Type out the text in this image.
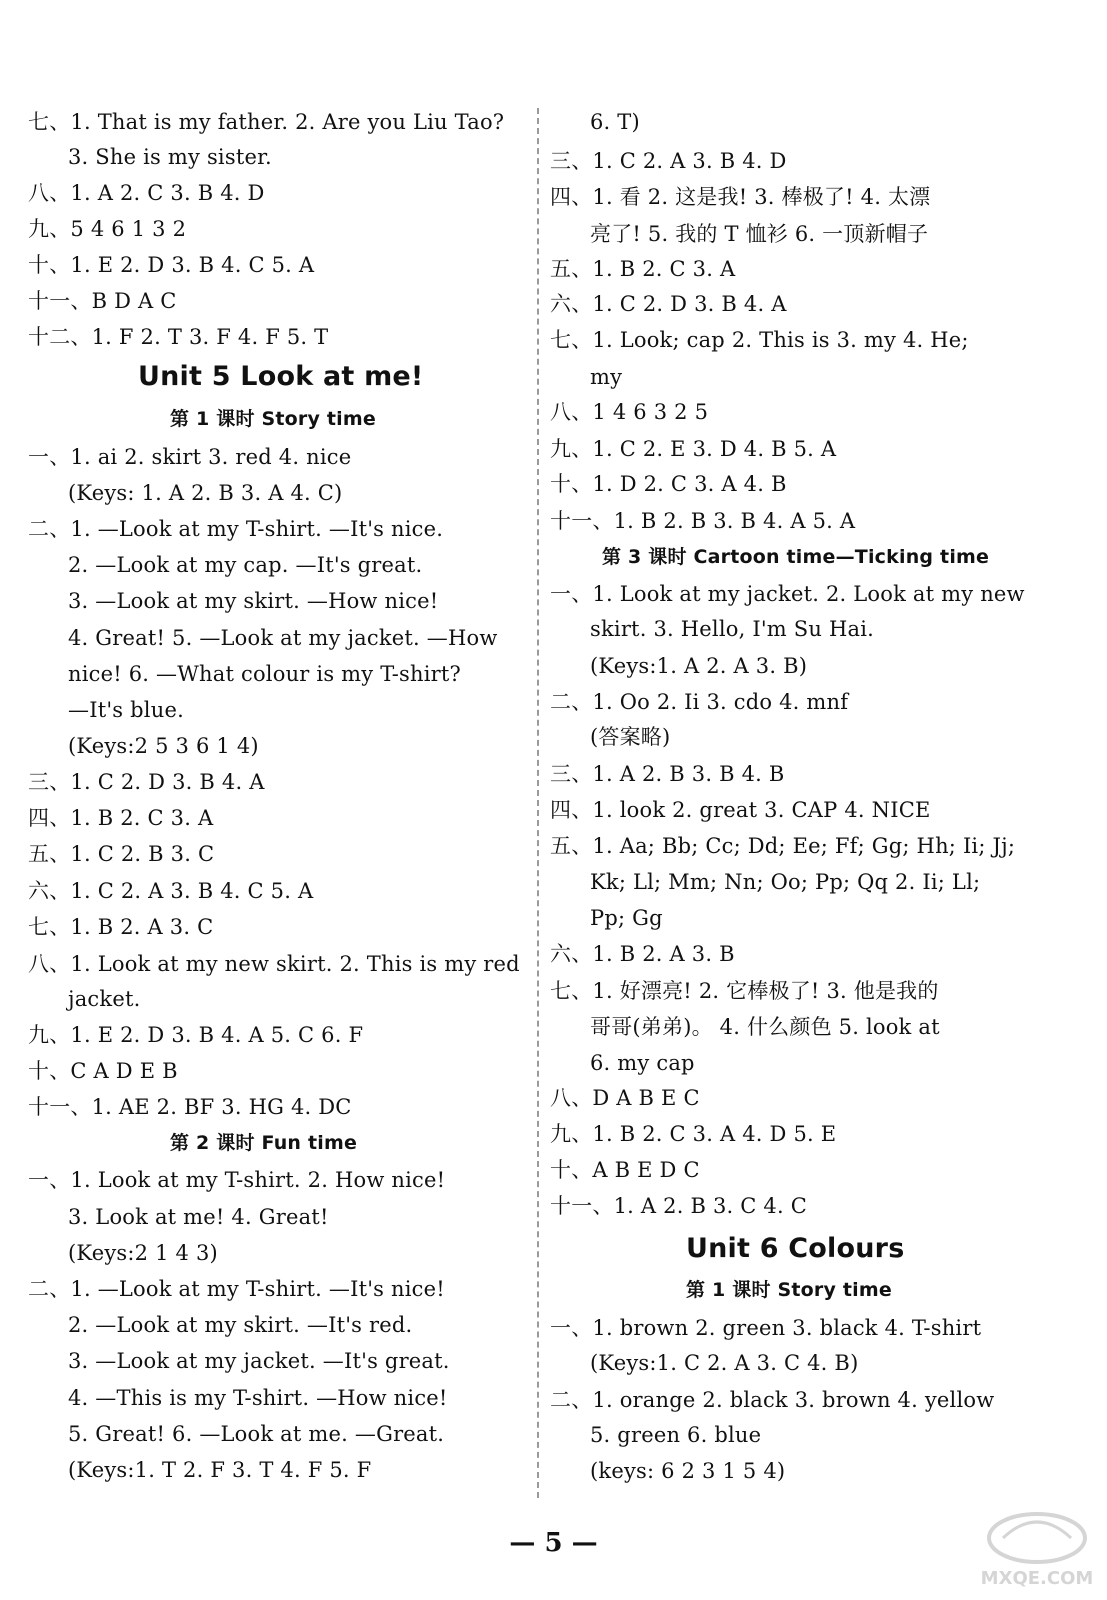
七、1. That is my father. 2. Are you Liu Tao?
3. She is my sister.
八、1. A 2. C 3. B 4. D
九、5 4 6 1 3 2
十、1. E 2. D 3. B 4. C 5. A
十一、B D A C
十二、1. F 2. T 3. F 4. F 5. T
Unit 5 Look at me!
第 1 课时 Story time
一、1. ai 2. skirt 3. red 4. nice
(Keys: 1. A 2. B 3. A 4. C)
二、1. —Look at my T-shirt. —It's nice.
2. —Look at my cap. —It's great.
3. —Look at my skirt. —How nice!
4. Great! 5. —Look at my jacket. —How
nice! 6. —What colour is my T-shirt?
—It's blue.
(Keys:2 5 3 6 1 4)
三、1. C 2. D 3. B 4. A
四、1. B 2. C 3. A
五、1. C 2. B 3. C
六、1. C 2. A 3. B 4. C 5. A
七、1. B 2. A 3. C
八、1. Look at my new skirt. 2. This is my red
jacket.
九、1. E 2. D 3. B 4. A 5. C 6. F
十、C A D E B
十一、1. AE 2. BF 3. HG 4. DC
第 2 课时 Fun time
一、1. Look at my T-shirt. 2. How nice!
3. Look at me! 4. Great!
(Keys:2 1 4 3)
二、1. —Look at my T-shirt. —It's nice!
2. —Look at my skirt. —It's red.
3. —Look at my jacket. —It's great.
4. —This is my T-shirt. —How nice!
5. Great! 6. —Look at me. —Great.
(Keys:1. T 2. F 3. T 4. F 5. F
6. T)
三、1. C 2. A 3. B 4. D
四、1. 看 2. 这是我! 3. 棒极了! 4. 太漂
亮了! 5. 我的 T 恤衫 6. 一顶新帽子
五、1. B 2. C 3. A
六、1. C 2. D 3. B 4. A
七、1. Look; cap 2. This is 3. my 4. He;
my
八、1 4 6 3 2 5
九、1. C 2. E 3. D 4. B 5. A
十、1. D 2. C 3. A 4. B
十一、1. B 2. B 3. B 4. A 5. A
第 3 课时 Cartoon time—Ticking time
一、1. Look at my jacket. 2. Look at my new
skirt. 3. Hello, I'm Su Hai.
(Keys:1. A 2. A 3. B)
二、1. Oo 2. Ii 3. cdo 4. mnf
(答案略)
三、1. A 2. B 3. B 4. B
四、1. look 2. great 3. CAP 4. NICE
五、1. Aa; Bb; Cc; Dd; Ee; Ff; Gg; Hh; Ii; Jj;
Kk; Ll; Mm; Nn; Oo; Pp; Qq 2. Ii; Ll;
Pp; Gg
六、1. B 2. A 3. B
七、1. 好漂亮! 2. 它棒极了! 3. 他是我的
哥哥(弟弟)。 4. 什么颜色 5. look at
6. my cap
八、D A B E C
九、1. B 2. C 3. A 4. D 5. E
十、A B E D C
十一、1. A 2. B 3. C 4. C
Unit 6 Colours
第 1 课时 Story time
一、1. brown 2. green 3. black 4. T-shirt
(Keys:1. C 2. A 3. C 4. B)
二、1. orange 2. black 3. brown 4. yellow
5. green 6. blue
(keys: 6 2 3 1 5 4)
— 5 —
MXQE.COM
